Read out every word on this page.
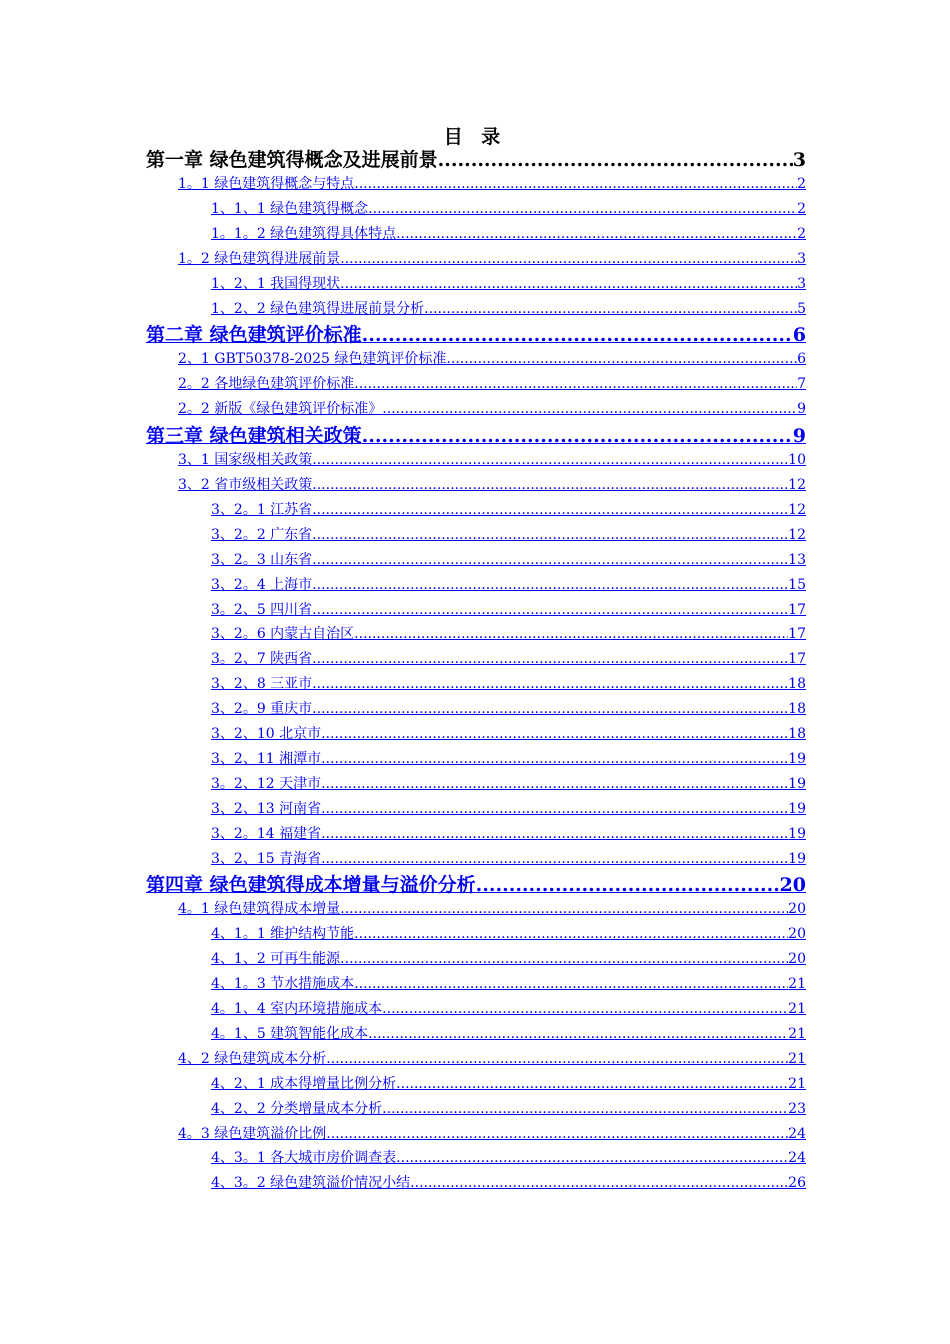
目 录
第一章 绿色建筑得概念及进展前景 .....	3
1。1 绿色建筑得概念与特点 .....	2
1、1、1 绿色建筑得概念 .....	2
1。1。2 绿色建筑得具体特点 .....	2
1。2 绿色建筑得进展前景 .....	3
1、2、1 我国得现状 .....	3
1、2、2 绿色建筑得进展前景分析 .....	5
第二章 绿色建筑评价标准 .....	6
2、1 GBT50378-2025 绿色建筑评价标准 .....	6
2。2 各地绿色建筑评价标准 .....	7
2。2 新版《绿色建筑评价标准》 .....	9
第三章 绿色建筑相关政策 .....	9
3、1 国家级相关政策 .....	10
3、2 省市级相关政策 .....	12
3、2。1 江苏省 .....	12
3、2。2 广东省 .....	12
3、2。3 山东省 .....	13
3、2。4 上海市 .....	15
3。2、5 四川省 .....	17
3、2。6 内蒙古自治区 .....	17
3。2、7 陕西省 .....	17
3、2、8 三亚市 .....	18
3、2。9 重庆市 .....	18
3、2、10 北京市 .....	18
3、2、11 湘潭市 .....	19
3。2、12 天津市 .....	19
3、2、13 河南省 .....	19
3、2。14 福建省 .....	19
3、2、15 青海省 .....	19
第四章 绿色建筑得成本增量与溢价分析 .....	20
4。1 绿色建筑得成本增量 .....	20
4、1。1 维护结构节能 .....	20
4、1、2 可再生能源 .....	20
4、1。3 节水措施成本 .....	21
4。1、4 室内环境措施成本 .....	21
4。1、5 建筑智能化成本 .....	21
4、2 绿色建筑成本分析 .....	21
4、2、1 成本得增量比例分析 .....	21
4、2、2 分类增量成本分析 .....	23
4。3 绿色建筑溢价比例 .....	24
4、3。1 各大城市房价调查表 .....	24
4、3。2 绿色建筑溢价情况小结 .....	26
